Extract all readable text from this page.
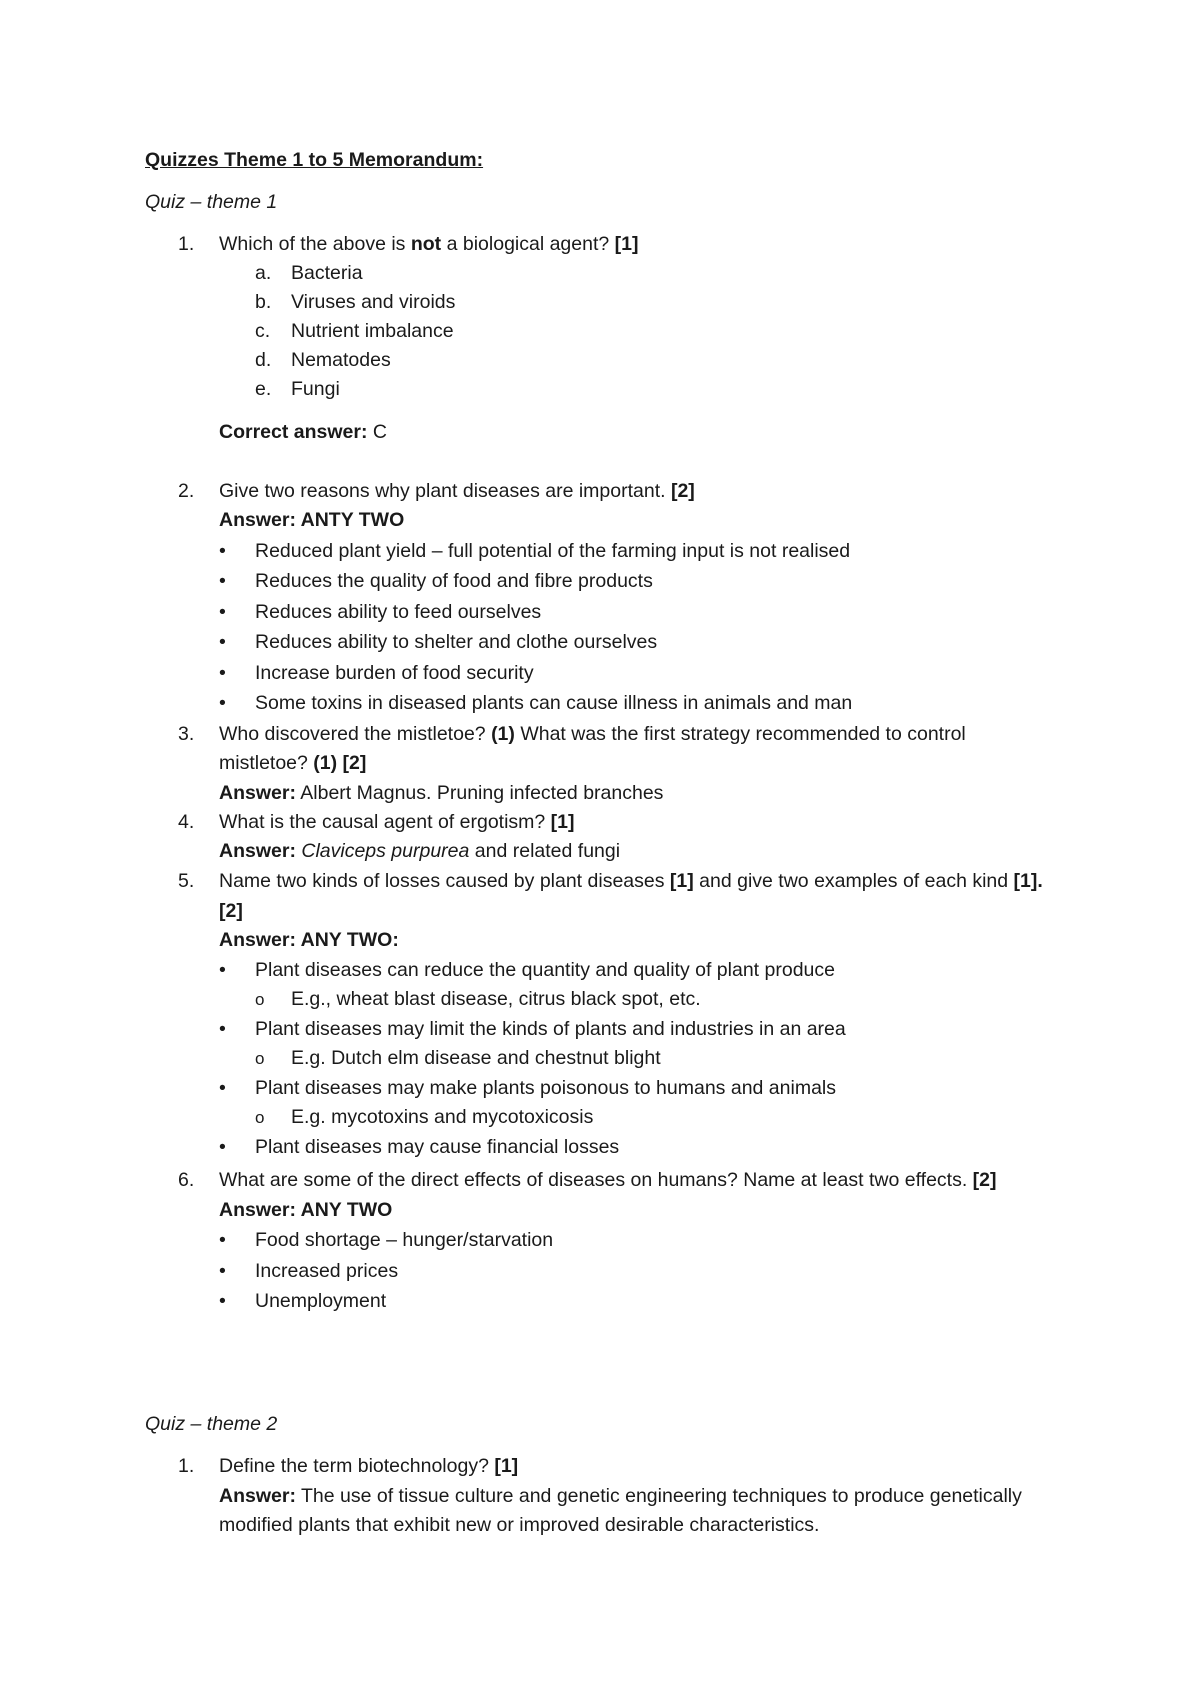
Quizzes Theme 1 to 5 Memorandum:
Quiz – theme 1
1.	Which of the above is not a biological agent? [1]
a. Bacteria
b. Viruses and viroids
c. Nutrient imbalance
d. Nematodes
e. Fungi
Correct answer: C
2.	Give two reasons why plant diseases are important. [2]
Answer: ANTY TWO
• Reduced plant yield – full potential of the farming input is not realised
• Reduces the quality of food and fibre products
• Reduces ability to feed ourselves
• Reduces ability to shelter and clothe ourselves
• Increase burden of food security
• Some toxins in diseased plants can cause illness in animals and man
3.	Who discovered the mistletoe? (1) What was the first strategy recommended to control mistletoe? (1) [2]
Answer: Albert Magnus. Pruning infected branches
4.	What is the causal agent of ergotism? [1]
Answer: Claviceps purpurea and related fungi
5.	Name two kinds of losses caused by plant diseases [1] and give two examples of each kind [1]. [2]
Answer: ANY TWO:
• Plant diseases can reduce the quantity and quality of plant produce
o E.g., wheat blast disease, citrus black spot, etc.
• Plant diseases may limit the kinds of plants and industries in an area
o E.g. Dutch elm disease and chestnut blight
• Plant diseases may make plants poisonous to humans and animals
o E.g. mycotoxins and mycotoxicosis
• Plant diseases may cause financial losses
6.	What are some of the direct effects of diseases on humans? Name at least two effects. [2]
Answer: ANY TWO
• Food shortage – hunger/starvation
• Increased prices
• Unemployment
Quiz – theme 2
1.	Define the term biotechnology? [1]
Answer: The use of tissue culture and genetic engineering techniques to produce genetically modified plants that exhibit new or improved desirable characteristics.
